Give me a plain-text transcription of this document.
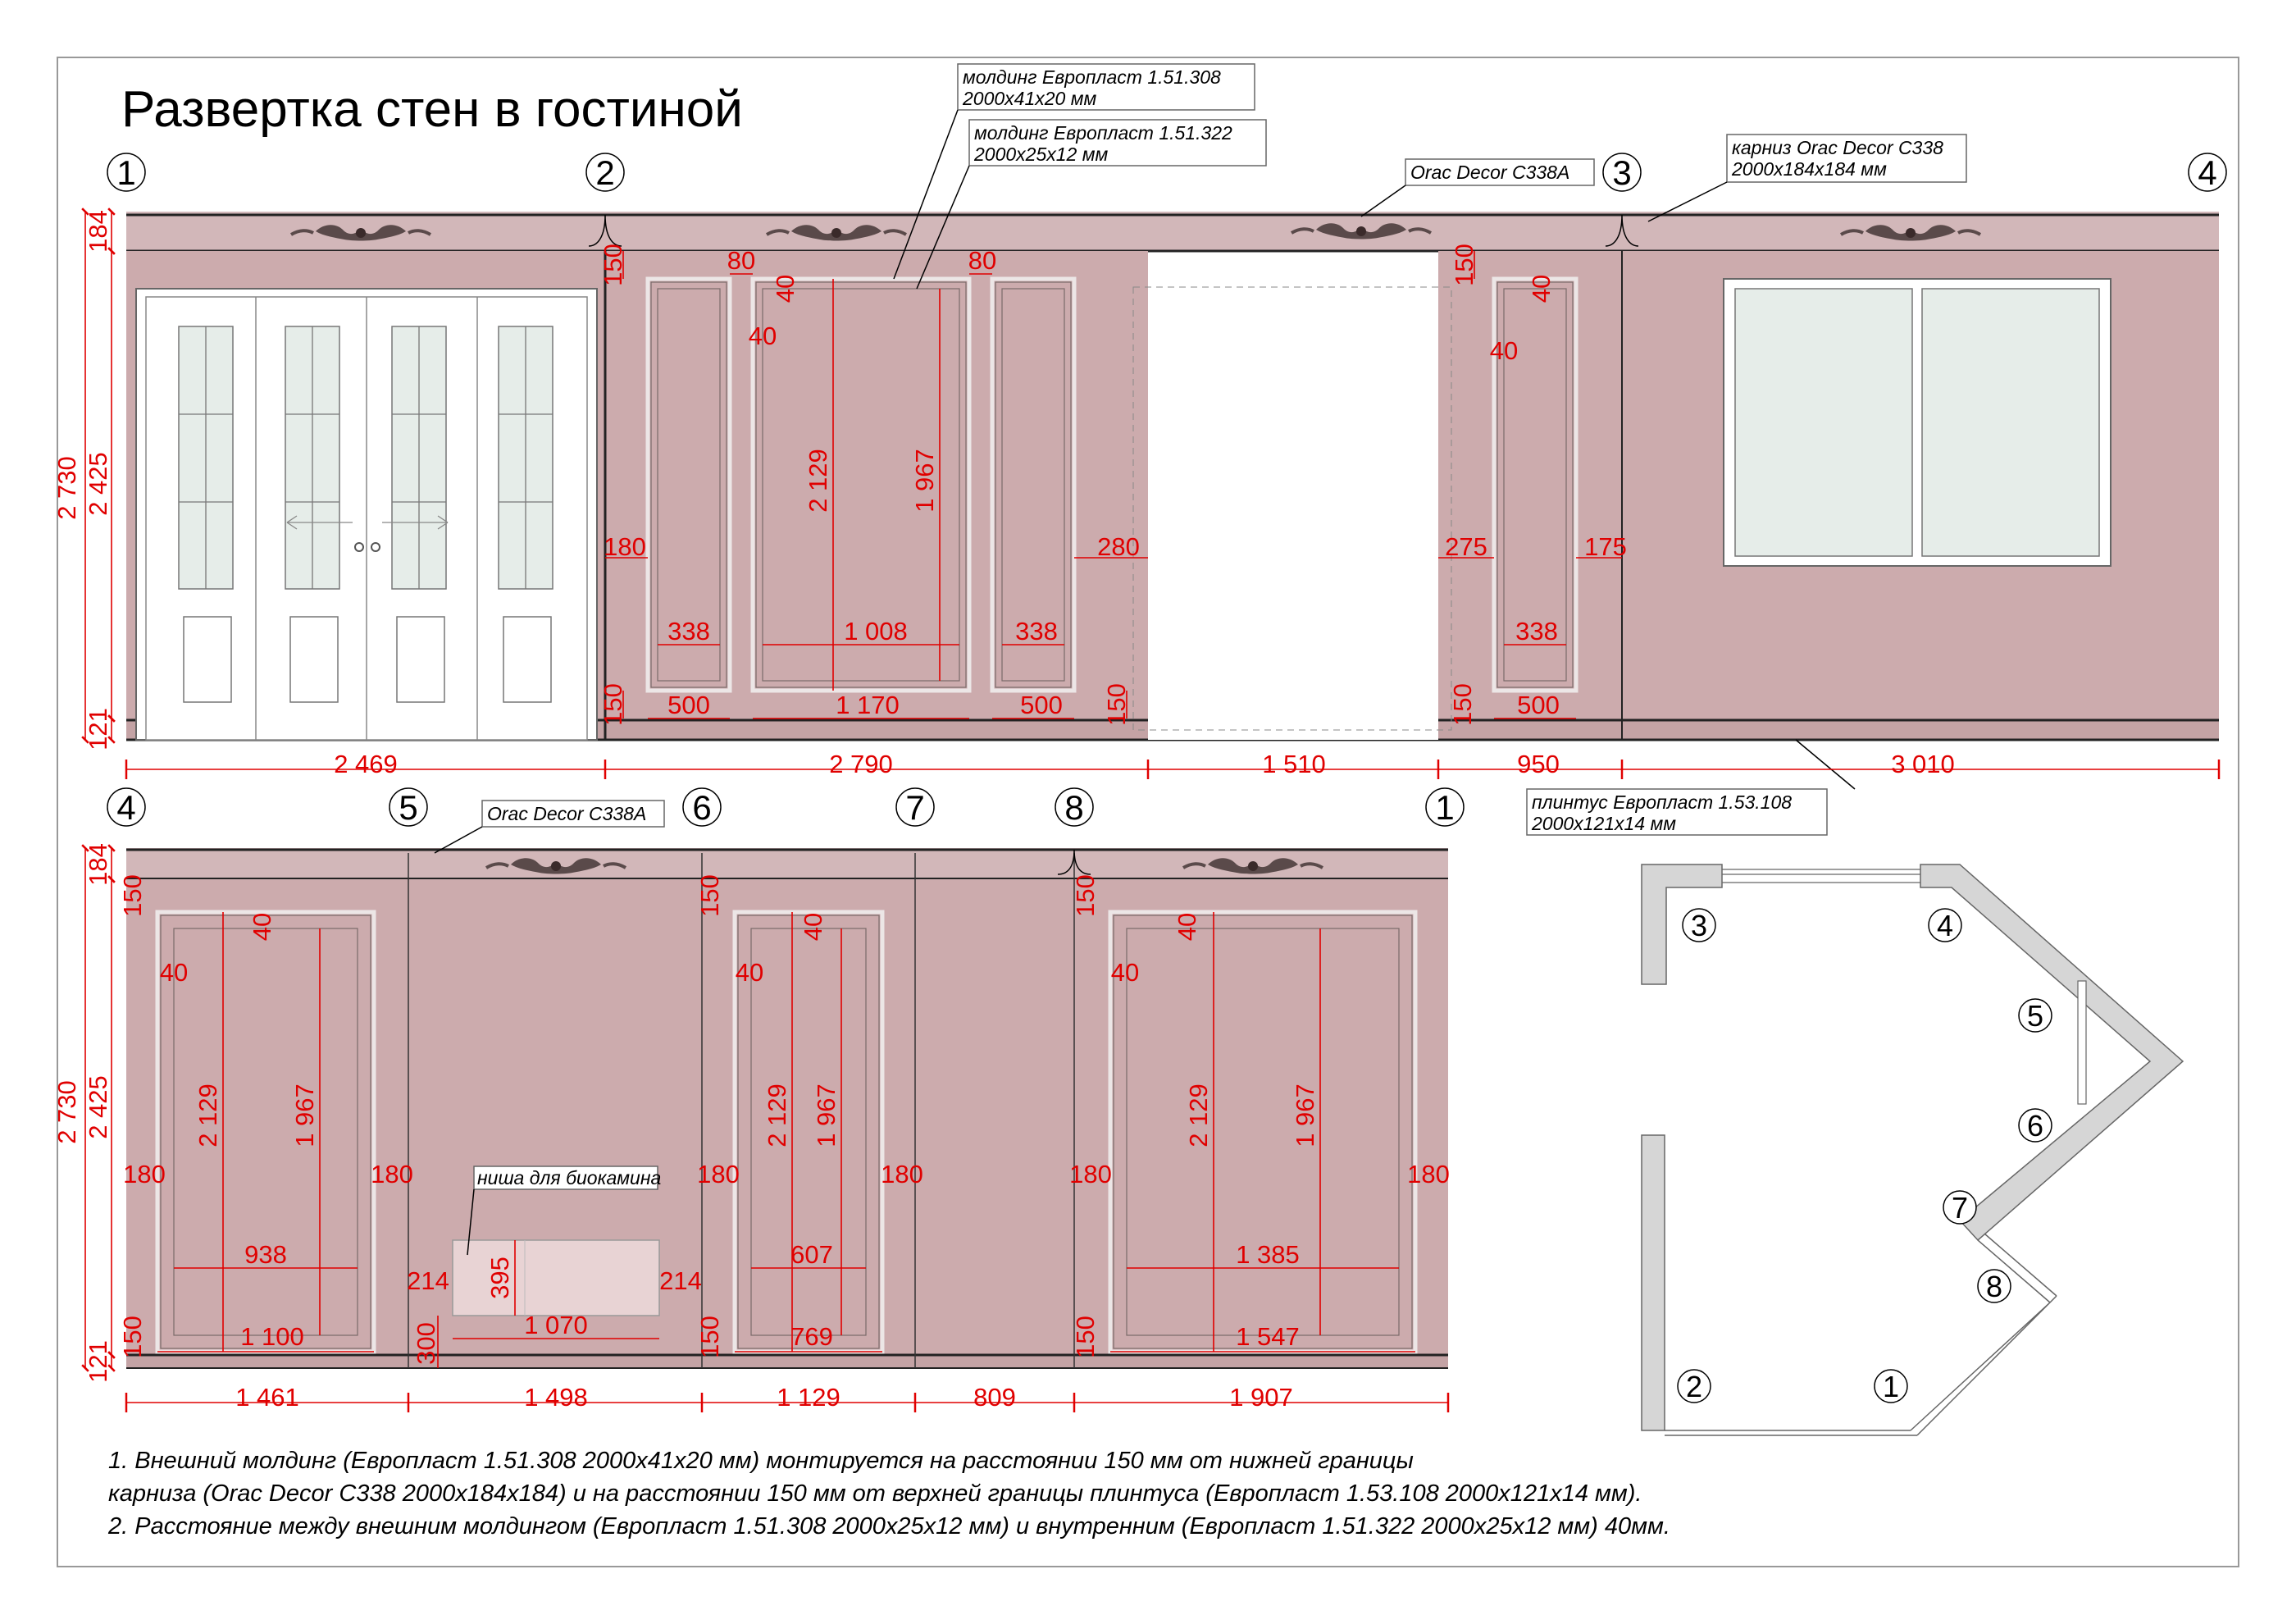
Развертка стен в гостиной
1	2	3	4
молдинг Европласт 1.51.308
2000х41х20 мм
молдинг Европласт 1.51.322
2000х25х12 мм
Orac Decor C338A
карниз Orac Decor C338
2000х184х184 мм
плинтус Европласт 1.53.108
2000х121х14 мм
2 730 2 425
184
121
2 469	2 790	1 510	950	3 010
150
150	150
150
150
80	80
40
40
40
40
2 129	1 967
180	280	275	175
338	1 008	338	338
500	1 170	500	500
4	5	6	7	8	1
Orac Decor C338A
ниша для биокамина
2 730 2 425
184
121
1 461	1 498	1 129	809	1 907
150	150	150
150	150	150
40
40
40
40
40
40
2 129	1 967	2 129 1 967	2 129	1 967
180	180	180	180	180	180
938
1 100
607
769
1 385
1 547
214	214
395
1 070
300
3	4
5
6
7
8
2	1
1. Внешний молдинг (Европласт 1.51.308 2000х41х20 мм) монтируется на расстоянии 150 мм от нижней границы
карниза (Orac Decor C338 2000х184х184) и на расстоянии 150 мм от верхней границы плинтуса (Европласт 1.53.108 2000х121х14 мм).
2. Расстояние между внешним молдингом (Европласт 1.51.308 2000х25х12 мм) и внутренним (Европласт 1.51.322 2000х25х12 мм) 40мм.
